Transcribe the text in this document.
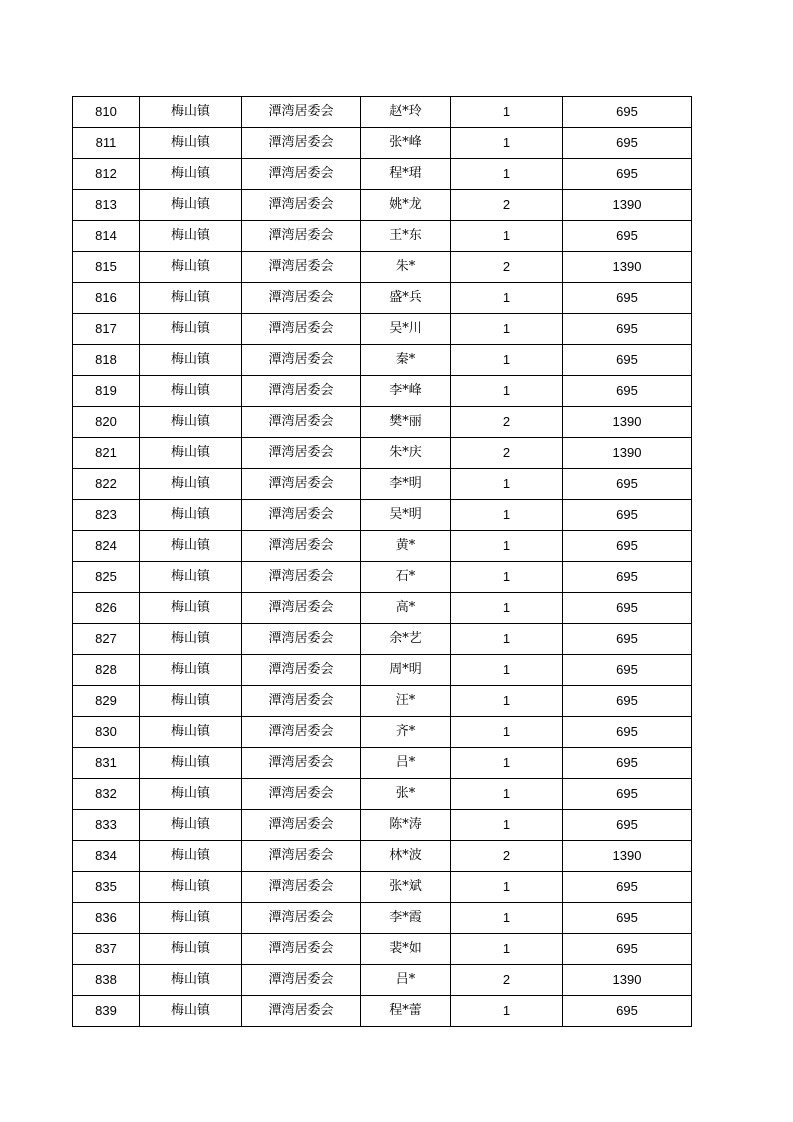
810	梅山镇	潭湾居委会	赵*玲	1	695
811	梅山镇	潭湾居委会	张*峰	1	695
812	梅山镇	潭湾居委会	程*珺	1	695
813	梅山镇	潭湾居委会	姚*龙	2	1390
814	梅山镇	潭湾居委会	王*东	1	695
815	梅山镇	潭湾居委会	朱*	2	1390
816	梅山镇	潭湾居委会	盛*兵	1	695
817	梅山镇	潭湾居委会	吴*川	1	695
818	梅山镇	潭湾居委会	秦*	1	695
819	梅山镇	潭湾居委会	李*峰	1	695
820	梅山镇	潭湾居委会	樊*丽	2	1390
821	梅山镇	潭湾居委会	朱*庆	2	1390
822	梅山镇	潭湾居委会	李*明	1	695
823	梅山镇	潭湾居委会	吴*明	1	695
824	梅山镇	潭湾居委会	黄*	1	695
825	梅山镇	潭湾居委会	石*	1	695
826	梅山镇	潭湾居委会	高*	1	695
827	梅山镇	潭湾居委会	余*艺	1	695
828	梅山镇	潭湾居委会	周*明	1	695
829	梅山镇	潭湾居委会	汪*	1	695
830	梅山镇	潭湾居委会	齐*	1	695
831	梅山镇	潭湾居委会	吕*	1	695
832	梅山镇	潭湾居委会	张*	1	695
833	梅山镇	潭湾居委会	陈*涛	1	695
834	梅山镇	潭湾居委会	林*波	2	1390
835	梅山镇	潭湾居委会	张*斌	1	695
836	梅山镇	潭湾居委会	李*霞	1	695
837	梅山镇	潭湾居委会	裴*如	1	695
838	梅山镇	潭湾居委会	吕*	2	1390
839	梅山镇	潭湾居委会	程*蕾	1	695
